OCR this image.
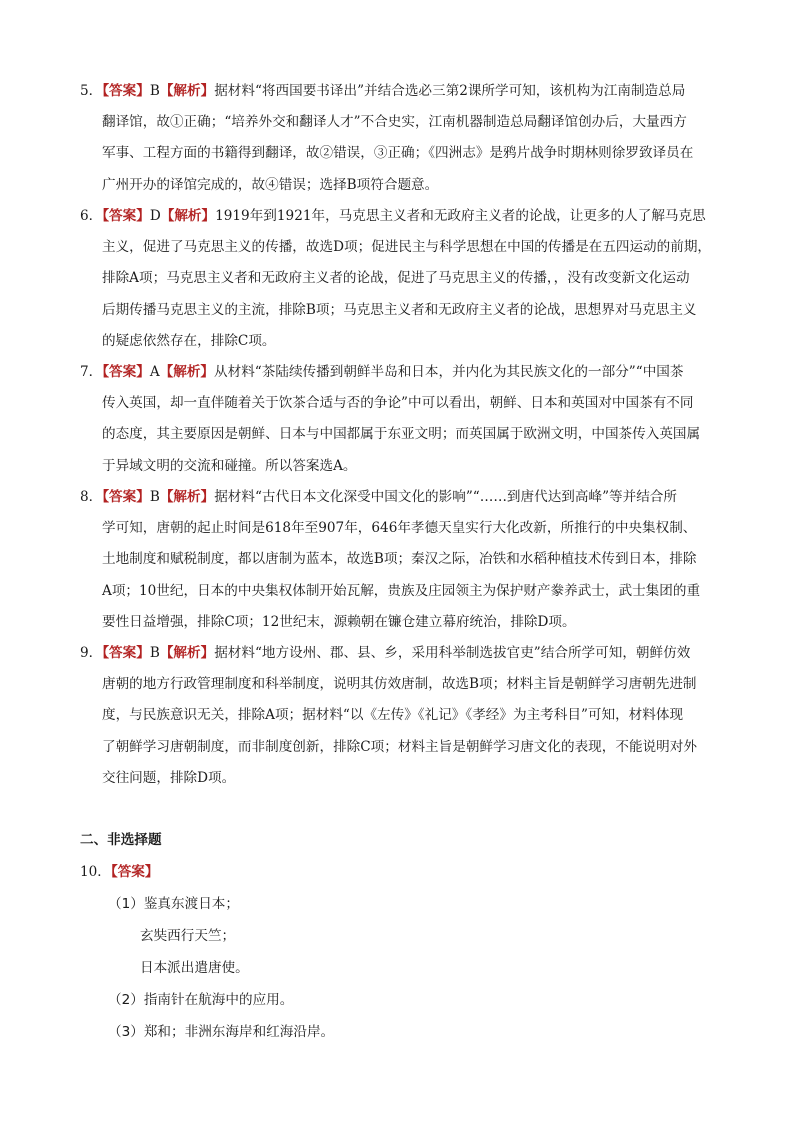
5．【答案】B【解析】据材料“将西国要书译出”并结合选必三第2课所学可知，该机构为江南制造总局
翻译馆，故①正确；“培养外交和翻译人才”不合史实，江南机器制造总局翻译馆创办后，大量西方
军事、工程方面的书籍得到翻译，故②错误，③正确；《四洲志》是鸦片战争时期林则徐罗致译员在
广州开办的译馆完成的，故④错误；选择B项符合题意。
6．【答案】D【解析】1919年到1921年，马克思主义者和无政府主义者的论战，让更多的人了解马克思
主义，促进了马克思主义的传播，故选D项；促进民主与科学思想在中国的传播是在五四运动的前期，
排除A项；马克思主义者和无政府主义者的论战，促进了马克思主义的传播，，没有改变新文化运动
后期传播马克思主义的主流，排除B项；马克思主义者和无政府主义者的论战，思想界对马克思主义
的疑虑依然存在，排除C项。
7．【答案】A【解析】从材料“茶陆续传播到朝鲜半岛和日本，并内化为其民族文化的一部分”“中国茶
传入英国，却一直伴随着关于饮茶合适与否的争论”中可以看出，朝鲜、日本和英国对中国茶有不同
的态度，其主要原因是朝鲜、日本与中国都属于东亚文明；而英国属于欧洲文明，中国茶传入英国属
于异域文明的交流和碰撞。所以答案选A。
8．【答案】B【解析】据材料“古代日本文化深受中国文化的影响”“……到唐代达到高峰”等并结合所
学可知，唐朝的起止时间是618年至907年，646年孝德天皇实行大化改新，所推行的中央集权制、
土地制度和赋税制度，都以唐制为蓝本，故选B项；秦汉之际，冶铁和水稻种植技术传到日本，排除
A项；10世纪，日本的中央集权体制开始瓦解，贵族及庄园领主为保护财产豢养武士，武士集团的重
要性日益增强，排除C项；12世纪末，源赖朝在镰仓建立幕府统治，排除D项。
9．【答案】B【解析】据材料“地方设州、郡、县、乡，采用科举制选拔官吏”结合所学可知，朝鲜仿效
唐朝的地方行政管理制度和科举制度，说明其仿效唐制，故选B项；材料主旨是朝鲜学习唐朝先进制
度，与民族意识无关，排除A项；据材料“以《左传》《礼记》《孝经》为主考科目”可知，材料体现
了朝鲜学习唐朝制度，而非制度创新，排除C项；材料主旨是朝鲜学习唐文化的表现，不能说明对外
交往问题，排除D项。
二、非选择题
10．【答案】
（1）鉴真东渡日本；
玄奘西行天竺；
日本派出遣唐使。
（2）指南针在航海中的应用。
（3）郑和；非洲东海岸和红海沿岸。
